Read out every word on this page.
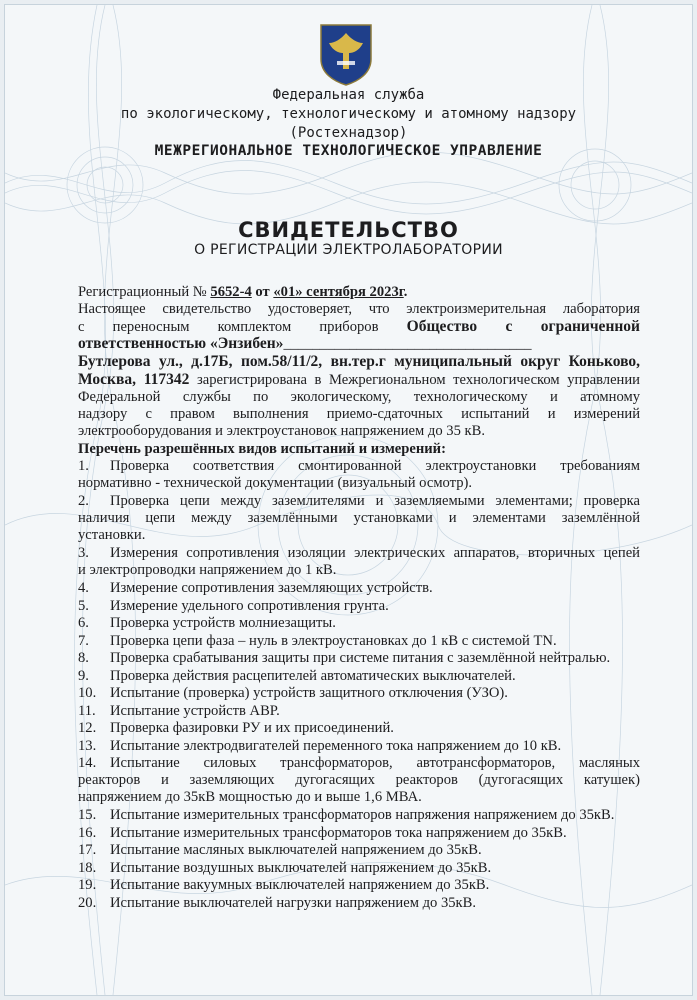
Федеральная служба
по экологическому, технологическому и атомному надзору
(Ростехнадзор)
МЕЖРЕГИОНАЛЬНОЕ ТЕХНОЛОГИЧЕСКОЕ УПРАВЛЕНИЕ
СВИДЕТЕЛЬСТВО
О РЕГИСТРАЦИИ ЭЛЕКТРОЛАБОРАТОРИИ
Регистрационный № 5652-4 от «01» сентября 2023г.
Настоящее свидетельство удостоверяет, что электроизмерительная лаборатория
с переносным комплектом приборов Общество с ограниченной
ответственностью «Энзибен»__________________________________
Бутлерова ул., д.17Б, пом.58/11/2, вн.тер.г муниципальный округ Коньково,
Москва, 117342 зарегистрирована в Межрегиональном технологическом управлении
Федеральной службы по экологическому, технологическому и атомному
надзору с правом выполнения приемо-сдаточных испытаний и измерений
электрооборудования и электроустановок напряжением до 35 кВ.
Перечень разрешённых видов испытаний и измерений:
1. Проверка соответствия смонтированной электроустановки требованиям
нормативно - технической документации (визуальный осмотр).
2. Проверка цепи между заземлителями и заземляемыми элементами; проверка
наличия цепи между заземлёнными установками и элементами заземлённой
установки.
3. Измерения сопротивления изоляции электрических аппаратов, вторичных цепей
и электропроводки напряжением до 1 кВ.
4. Измерение сопротивления заземляющих устройств.
5. Измерение удельного сопротивления грунта.
6. Проверка устройств молниезащиты.
7. Проверка цепи фаза – нуль в электроустановках до 1 кВ с системой TN.
8. Проверка срабатывания защиты при системе питания с заземлённой нейтралью.
9. Проверка действия расцепителей автоматических выключателей.
10. Испытание (проверка) устройств защитного отключения (УЗО).
11. Испытание устройств АВР.
12. Проверка фазировки РУ и их присоединений.
13. Испытание электродвигателей переменного тока напряжением до 10 кВ.
14. Испытание силовых трансформаторов, автотрансформаторов, масляных
реакторов и заземляющих дугогасящих реакторов (дугогасящих катушек)
напряжением до 35кВ мощностью до и выше 1,6 МВА.
15. Испытание измерительных трансформаторов напряжения напряжением до 35кВ.
16. Испытание измерительных трансформаторов тока напряжением до 35кВ.
17. Испытание масляных выключателей напряжением до 35кВ.
18. Испытание воздушных выключателей напряжением до 35кВ.
19. Испытание вакуумных выключателей напряжением до 35кВ.
20. Испытание выключателей нагрузки напряжением до 35кВ.
